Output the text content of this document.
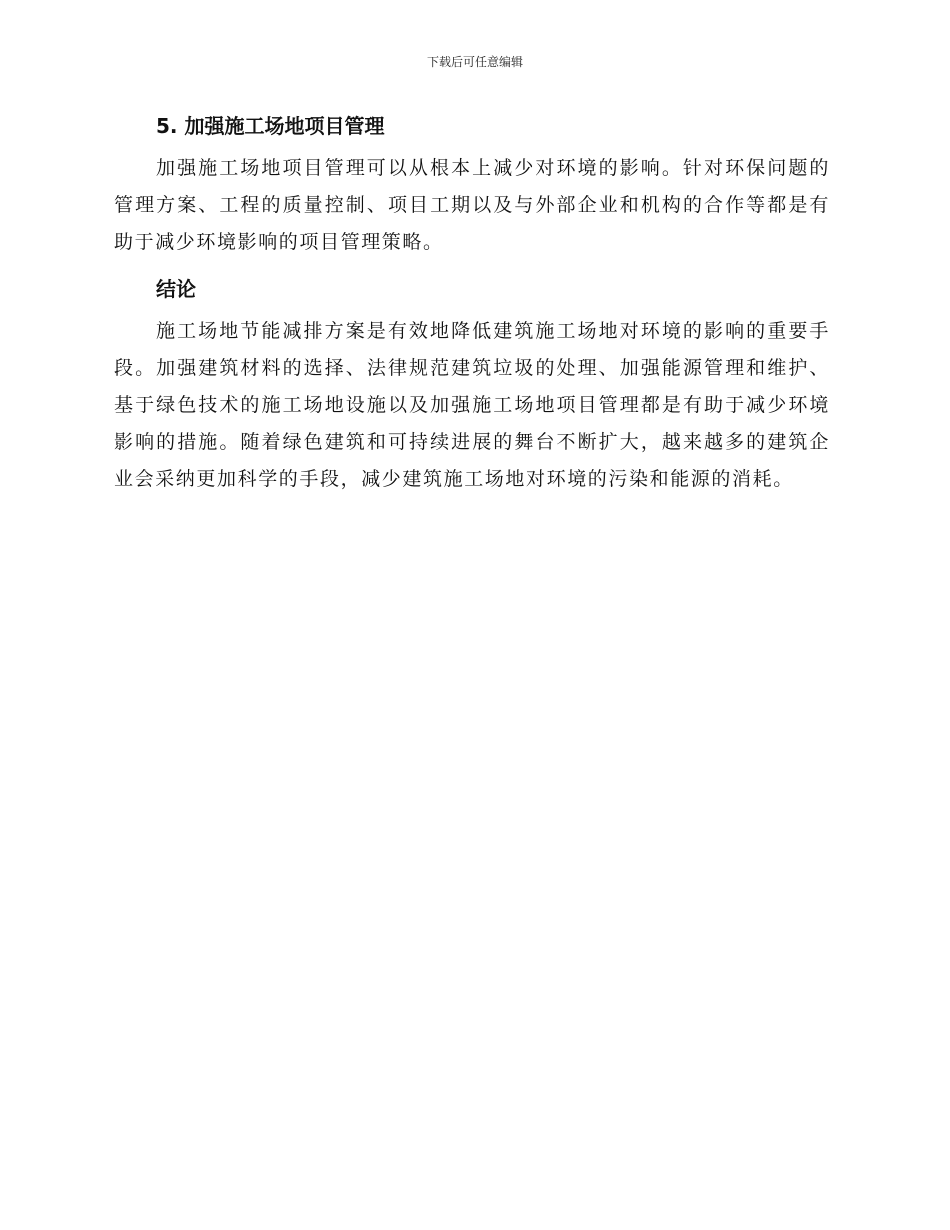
下载后可任意编辑
5. 加强施工场地项目管理

加强施工场地项目管理可以从根本上减少对环境的影响。针对环保问题的管理方案、工程的质量控制、项目工期以及与外部企业和机构的合作等都是有助于减少环境影响的项目管理策略。

结论

施工场地节能减排方案是有效地降低建筑施工场地对环境的影响的重要手段。加强建筑材料的选择、法律规范建筑垃圾的处理、加强能源管理和维护、基于绿色技术的施工场地设施以及加强施工场地项目管理都是有助于减少环境影响的措施。随着绿色建筑和可持续进展的舞台不断扩大，越来越多的建筑企业会采纳更加科学的手段，减少建筑施工场地对环境的污染和能源的消耗。
